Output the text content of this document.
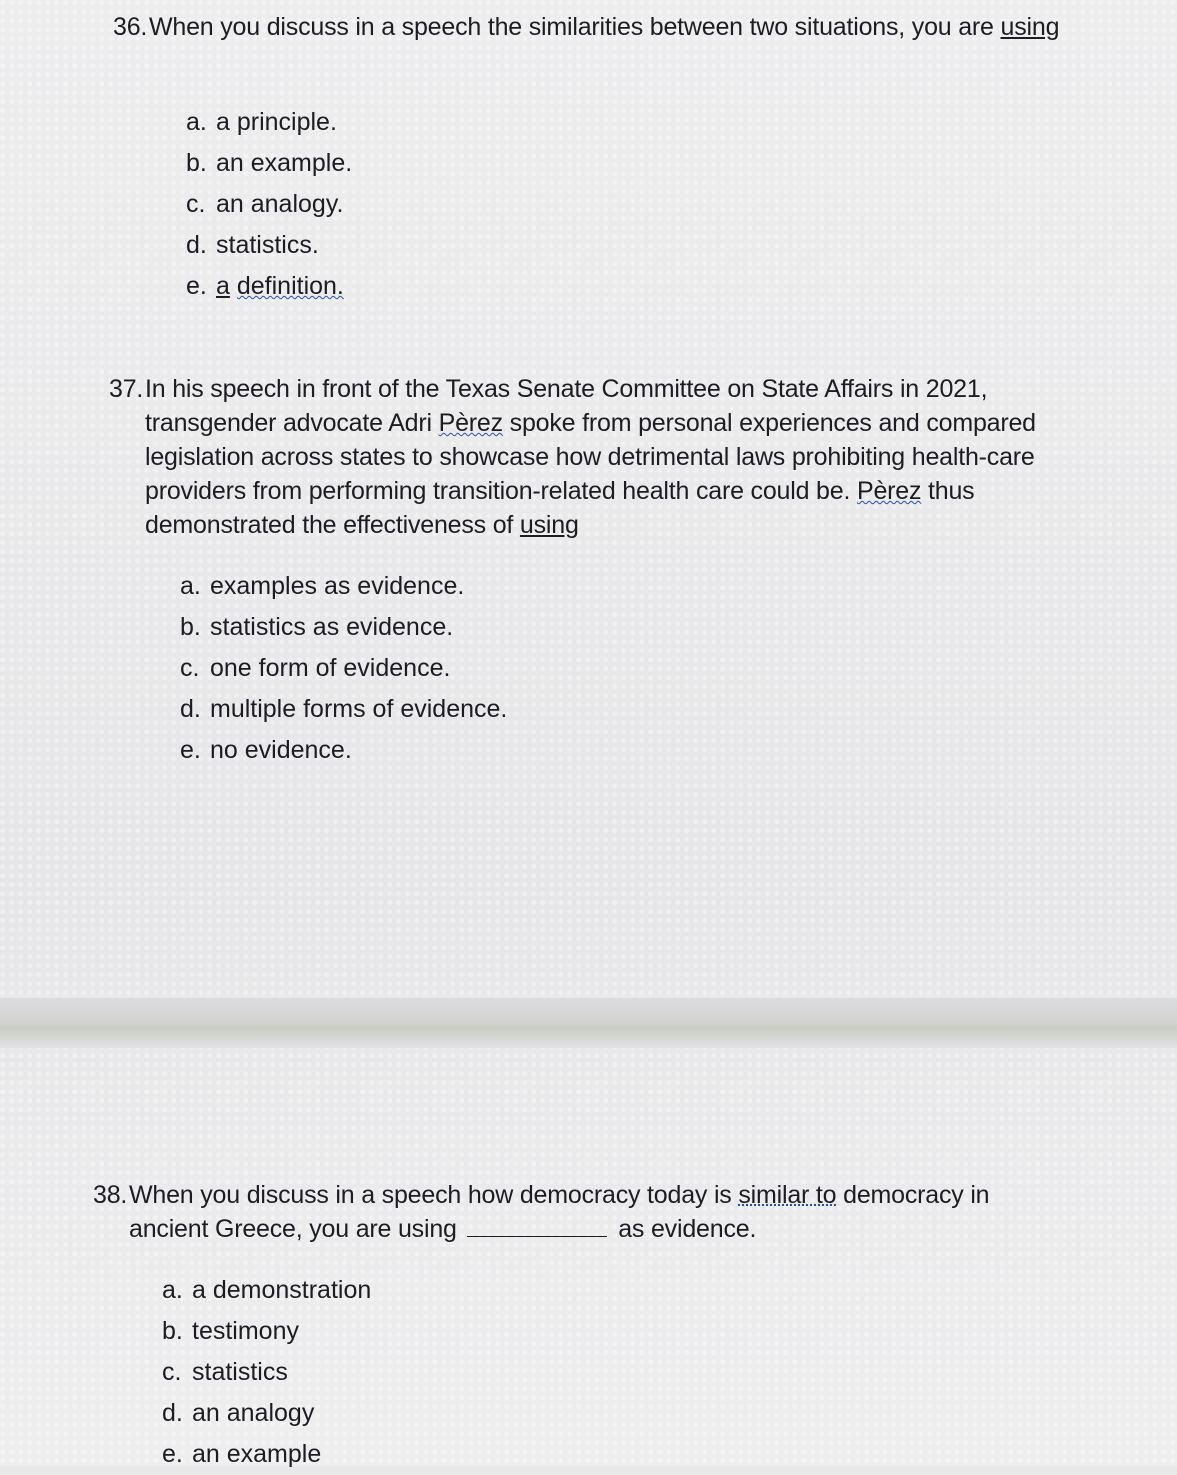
36. When you discuss in a speech the similarities between two situations, you are using

a. a principle.
b. an example.
c. an analogy.
d. statistics.
e. a definition.
37. In his speech in front of the Texas Senate Committee on State Affairs in 2021, transgender advocate Adri Pèrez spoke from personal experiences and compared legislation across states to showcase how detrimental laws prohibiting health-care providers from performing transition-related health care could be. Pèrez thus demonstrated the effectiveness of using

a. examples as evidence.
b. statistics as evidence.
c. one form of evidence.
d. multiple forms of evidence.
e. no evidence.
38. When you discuss in a speech how democracy today is similar to democracy in ancient Greece, you are using	as evidence.

a. a demonstration
b. testimony
c. statistics
d. an analogy
e. an example
